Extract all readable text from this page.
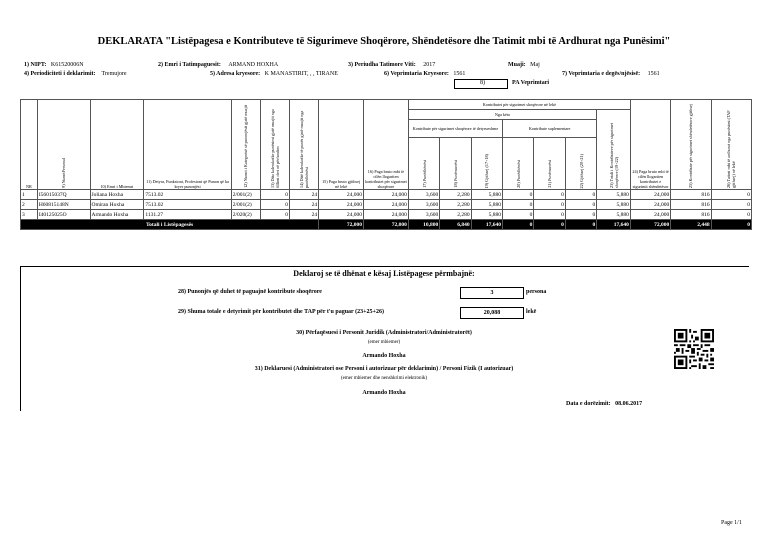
DEKLARATA "Listëpagesa e Kontributeve të Sigurimeve Shoqërore, Shëndetësore dhe Tatimit mbi të Ardhurat nga Punësimi"
1) NIPT: K61520006N	2) Emri i Tatimpaguesit: ARMAND HOXHA	3) Periudha Tatimore Viti: 2017	Muaji: Maj
4) Periodiciteti i deklarimit: Tremujore	5) Adresa kryesore: K MANASTIRIT, , , TIRANE	6) Veprimtaria Kryesore: 1561	7) Veprimtaria e degës/njësisë: 1561
8)	PA Veprimtari
NR	9) NumriPersonal	10) Emri i Mbiemri	11) Detyra, Funksioni, Profesioni që Punon që ka kryer punonjësi	12) Numri i Kategorisë së punonjësit gjatë muajit	13) Dita kalendarike punësimi gjatë muajit nga fillimi deri në përfundim	14) Ditë kalendarike të punës gjatë muajit nga punëdhënësi	15) Paga bruto gjithsej në lekë	16) Paga bruto mbi të cilën llogariten kontributet për sigurimet shoqërore	Kontributet për sigurimet shoqërore në lekë							24) Paga bruto mbi të cilën llogariten kontributet e sigurimit shëndetësor	25) Kontribute për sigurimet shëndetësore gjithsej	26) Tatimi mbi të ardhurat nga punësimi (TAP gjithsej) në lekë
									Nga këto						23) Totali i Kontributeve për sigurimet shoqërore (19+22)			
									Kontribute për sigurimet shoqërore të detyrueshme			Kontribute suplementare						
									17) Punëdhënësi	18) Punëmarrësi	19) Gjithsej (17+18)	20) Punëdhënësi	21) Punëmarrësi	22) Gjithsej (20+21)				
1	I56015037Q	Joliana Hoxha	7513.02	2/001(2)	0	24	24,000	24,000	3,600	2,280	5,880	0	0	0	5,880	24,000	816	0
2	H60815148N	Omiran Hoxha	7513.02	2/001(2)	0	24	24,000	24,000	3,600	2,280	5,880	0	0	0	5,880	24,000	816	0
3	I40125025O	Armando Hoxha	1131.27	2/020(2)	0	24	24,000	24,000	3,600	2,280	5,880	0	0	0	5,880	24,000	816	0
Totali i Listëpagesës							72,000	72,000	10,800	6,840	17,640	0	0	0	17,640	72,000	2,448	0
Deklaroj se të dhënat e kësaj Listëpagese përmbajnë:
28) Punonjës që duhet të paguajnë kontribute shoqërore	3	persona
29) Shuma totale e detyrimit për kontributet dhe TAP për t'u paguar (23+25+26)	20,088	lekë
30) Përfaqësuesi i Personit Juridik (Administratori/Administratorët)
(emer mbiemer)
Armando Hoxha
31) Deklaruesi (Administratori ose Personi i autorizuar për deklarimin) / Personi Fizik (I autorizuar)
(emer mbiemer dhe nenshkrimi elektronik)
Armando Hoxha
Data e dorëzimit: 08.06.2017
Page 1/1
